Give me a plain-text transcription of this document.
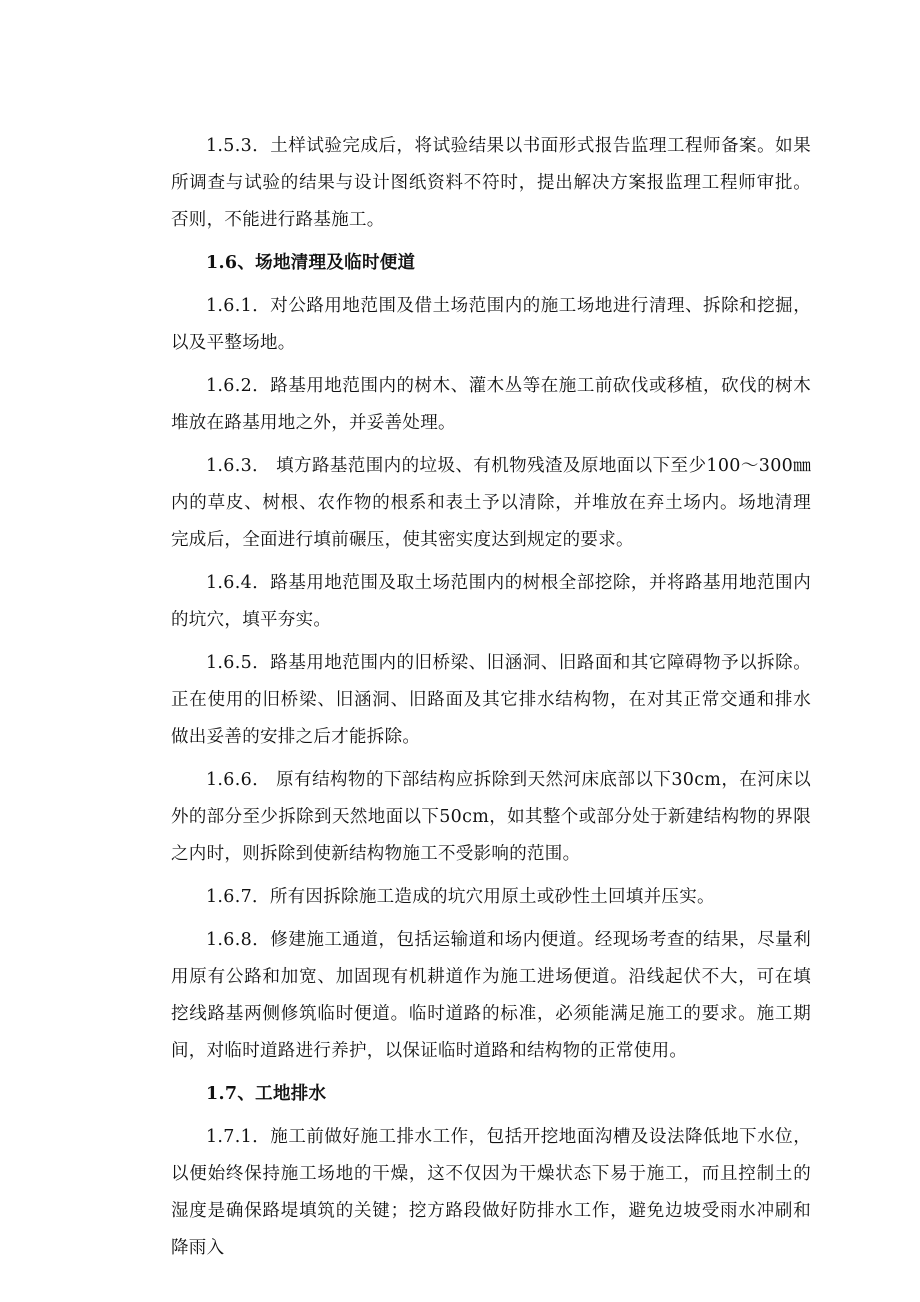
1.5.3．土样试验完成后，将试验结果以书面形式报告监理工程师备案。如果所调查与试验的结果与设计图纸资料不符时，提出解决方案报监理工程师审批。否则，不能进行路基施工。

1.6、场地清理及临时便道

1.6.1．对公路用地范围及借土场范围内的施工场地进行清理、拆除和挖掘，以及平整场地。

1.6.2．路基用地范围内的树木、灌木丛等在施工前砍伐或移植，砍伐的树木堆放在路基用地之外，并妥善处理。

1.6.3． 填方路基范围内的垃圾、有机物残渣及原地面以下至少100～300㎜内的草皮、树根、农作物的根系和表土予以清除，并堆放在弃土场内。场地清理完成后，全面进行填前碾压，使其密实度达到规定的要求。

1.6.4．路基用地范围及取土场范围内的树根全部挖除，并将路基用地范围内的坑穴，填平夯实。

1.6.5．路基用地范围内的旧桥梁、旧涵洞、旧路面和其它障碍物予以拆除。正在使用的旧桥梁、旧涵洞、旧路面及其它排水结构物，在对其正常交通和排水做出妥善的安排之后才能拆除。

1.6.6． 原有结构物的下部结构应拆除到天然河床底部以下30cm，在河床以外的部分至少拆除到天然地面以下50cm，如其整个或部分处于新建结构物的界限之内时，则拆除到使新结构物施工不受影响的范围。

1.6.7．所有因拆除施工造成的坑穴用原土或砂性土回填并压实。

1.6.8．修建施工通道，包括运输道和场内便道。经现场考查的结果，尽量利用原有公路和加宽、加固现有机耕道作为施工进场便道。沿线起伏不大，可在填挖线路基两侧修筑临时便道。临时道路的标准，必须能满足施工的要求。施工期间，对临时道路进行养护，以保证临时道路和结构物的正常使用。

1.7、工地排水

1.7.1．施工前做好施工排水工作，包括开挖地面沟槽及设法降低地下水位，以便始终保持施工场地的干燥，这不仅因为干燥状态下易于施工，而且控制土的湿度是确保路堤填筑的关键；挖方路段做好防排水工作，避免边坡受雨水冲刷和降雨入
